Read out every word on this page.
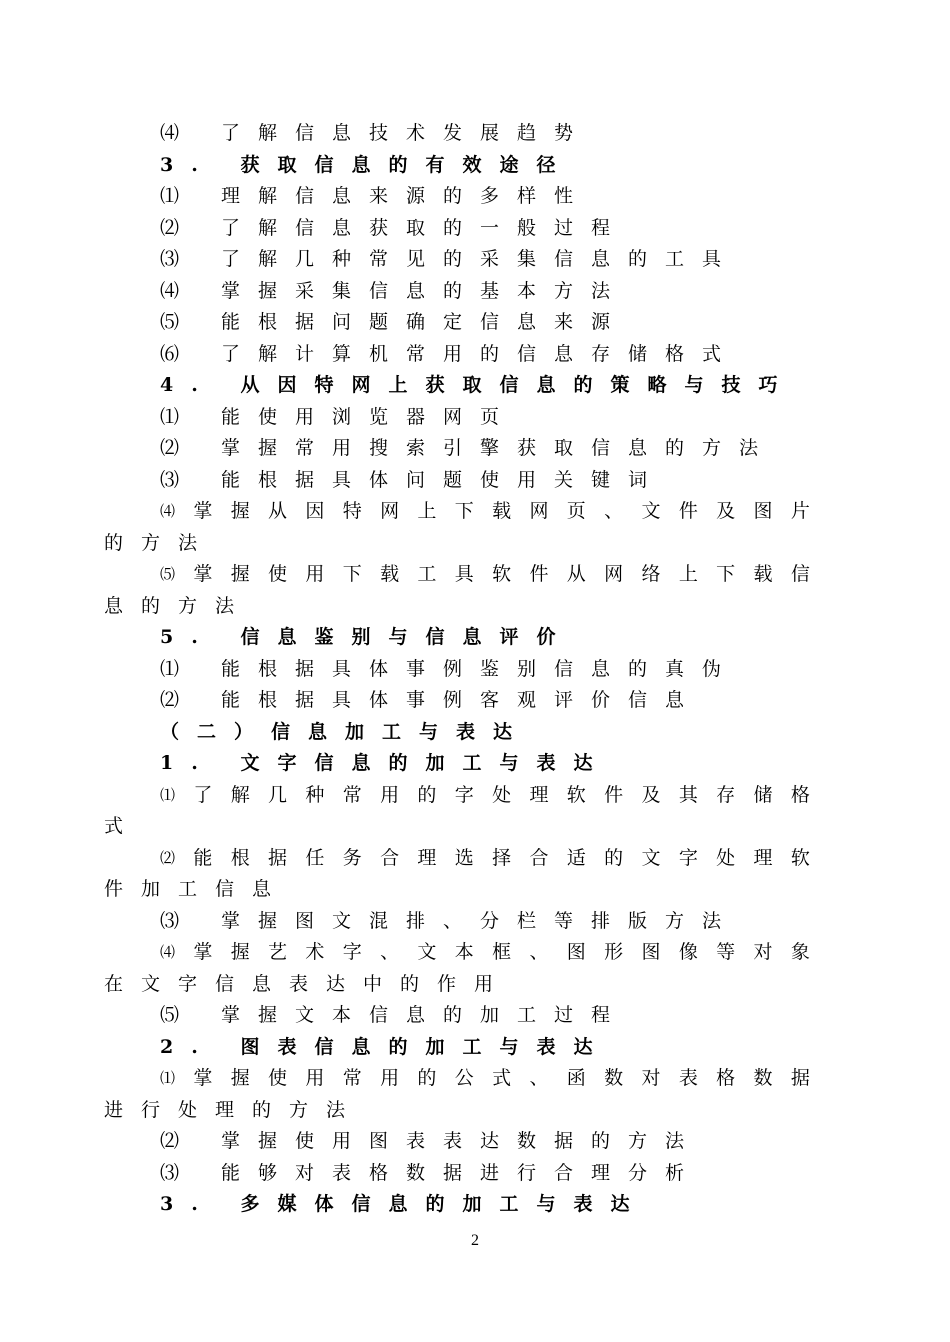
⑷ 了解信息技术发展趋势
3. 获取信息的有效途径
⑴ 理解信息来源的多样性
⑵ 了解信息获取的一般过程
⑶ 了解几种常见的采集信息的工具
⑷ 掌握采集信息的基本方法
⑸ 能根据问题确定信息来源
⑹ 了解计算机常用的信息存储格式
4. 从因特网上获取信息的策略与技巧
⑴ 能使用浏览器网页
⑵ 掌握常用搜索引擎获取信息的方法
⑶ 能根据具体问题使用关键词
⑷ 掌 握 从 因 特 网 上 下 载 网 页 、 文 件 及 图 片
的方法
⑸ 掌 握 使 用 下 载 工 具 软 件 从 网 络 上 下 载 信
息的方法
5. 信息鉴别与信息评价
⑴ 能根据具体事例鉴别信息的真伪
⑵ 能根据具体事例客观评价信息
（二）信息加工与表达
1. 文字信息的加工与表达
⑴ 了 解 几 种 常 用 的 字 处 理 软 件 及 其 存 储 格
式
⑵ 能 根 据 任 务 合 理 选 择 合 适 的 文 字 处 理 软
件加工信息
⑶ 掌握图文混排、分栏等排版方法
⑷ 掌 握 艺 术 字 、 文 本 框 、 图 形 图 像 等 对 象
在文字信息表达中的作用
⑸ 掌握文本信息的加工过程
2. 图表信息的加工与表达
⑴ 掌 握 使 用 常 用 的 公 式 、 函 数 对 表 格 数 据
进行处理的方法
⑵ 掌握使用图表表达数据的方法
⑶ 能够对表格数据进行合理分析
3. 多媒体信息的加工与表达
2
